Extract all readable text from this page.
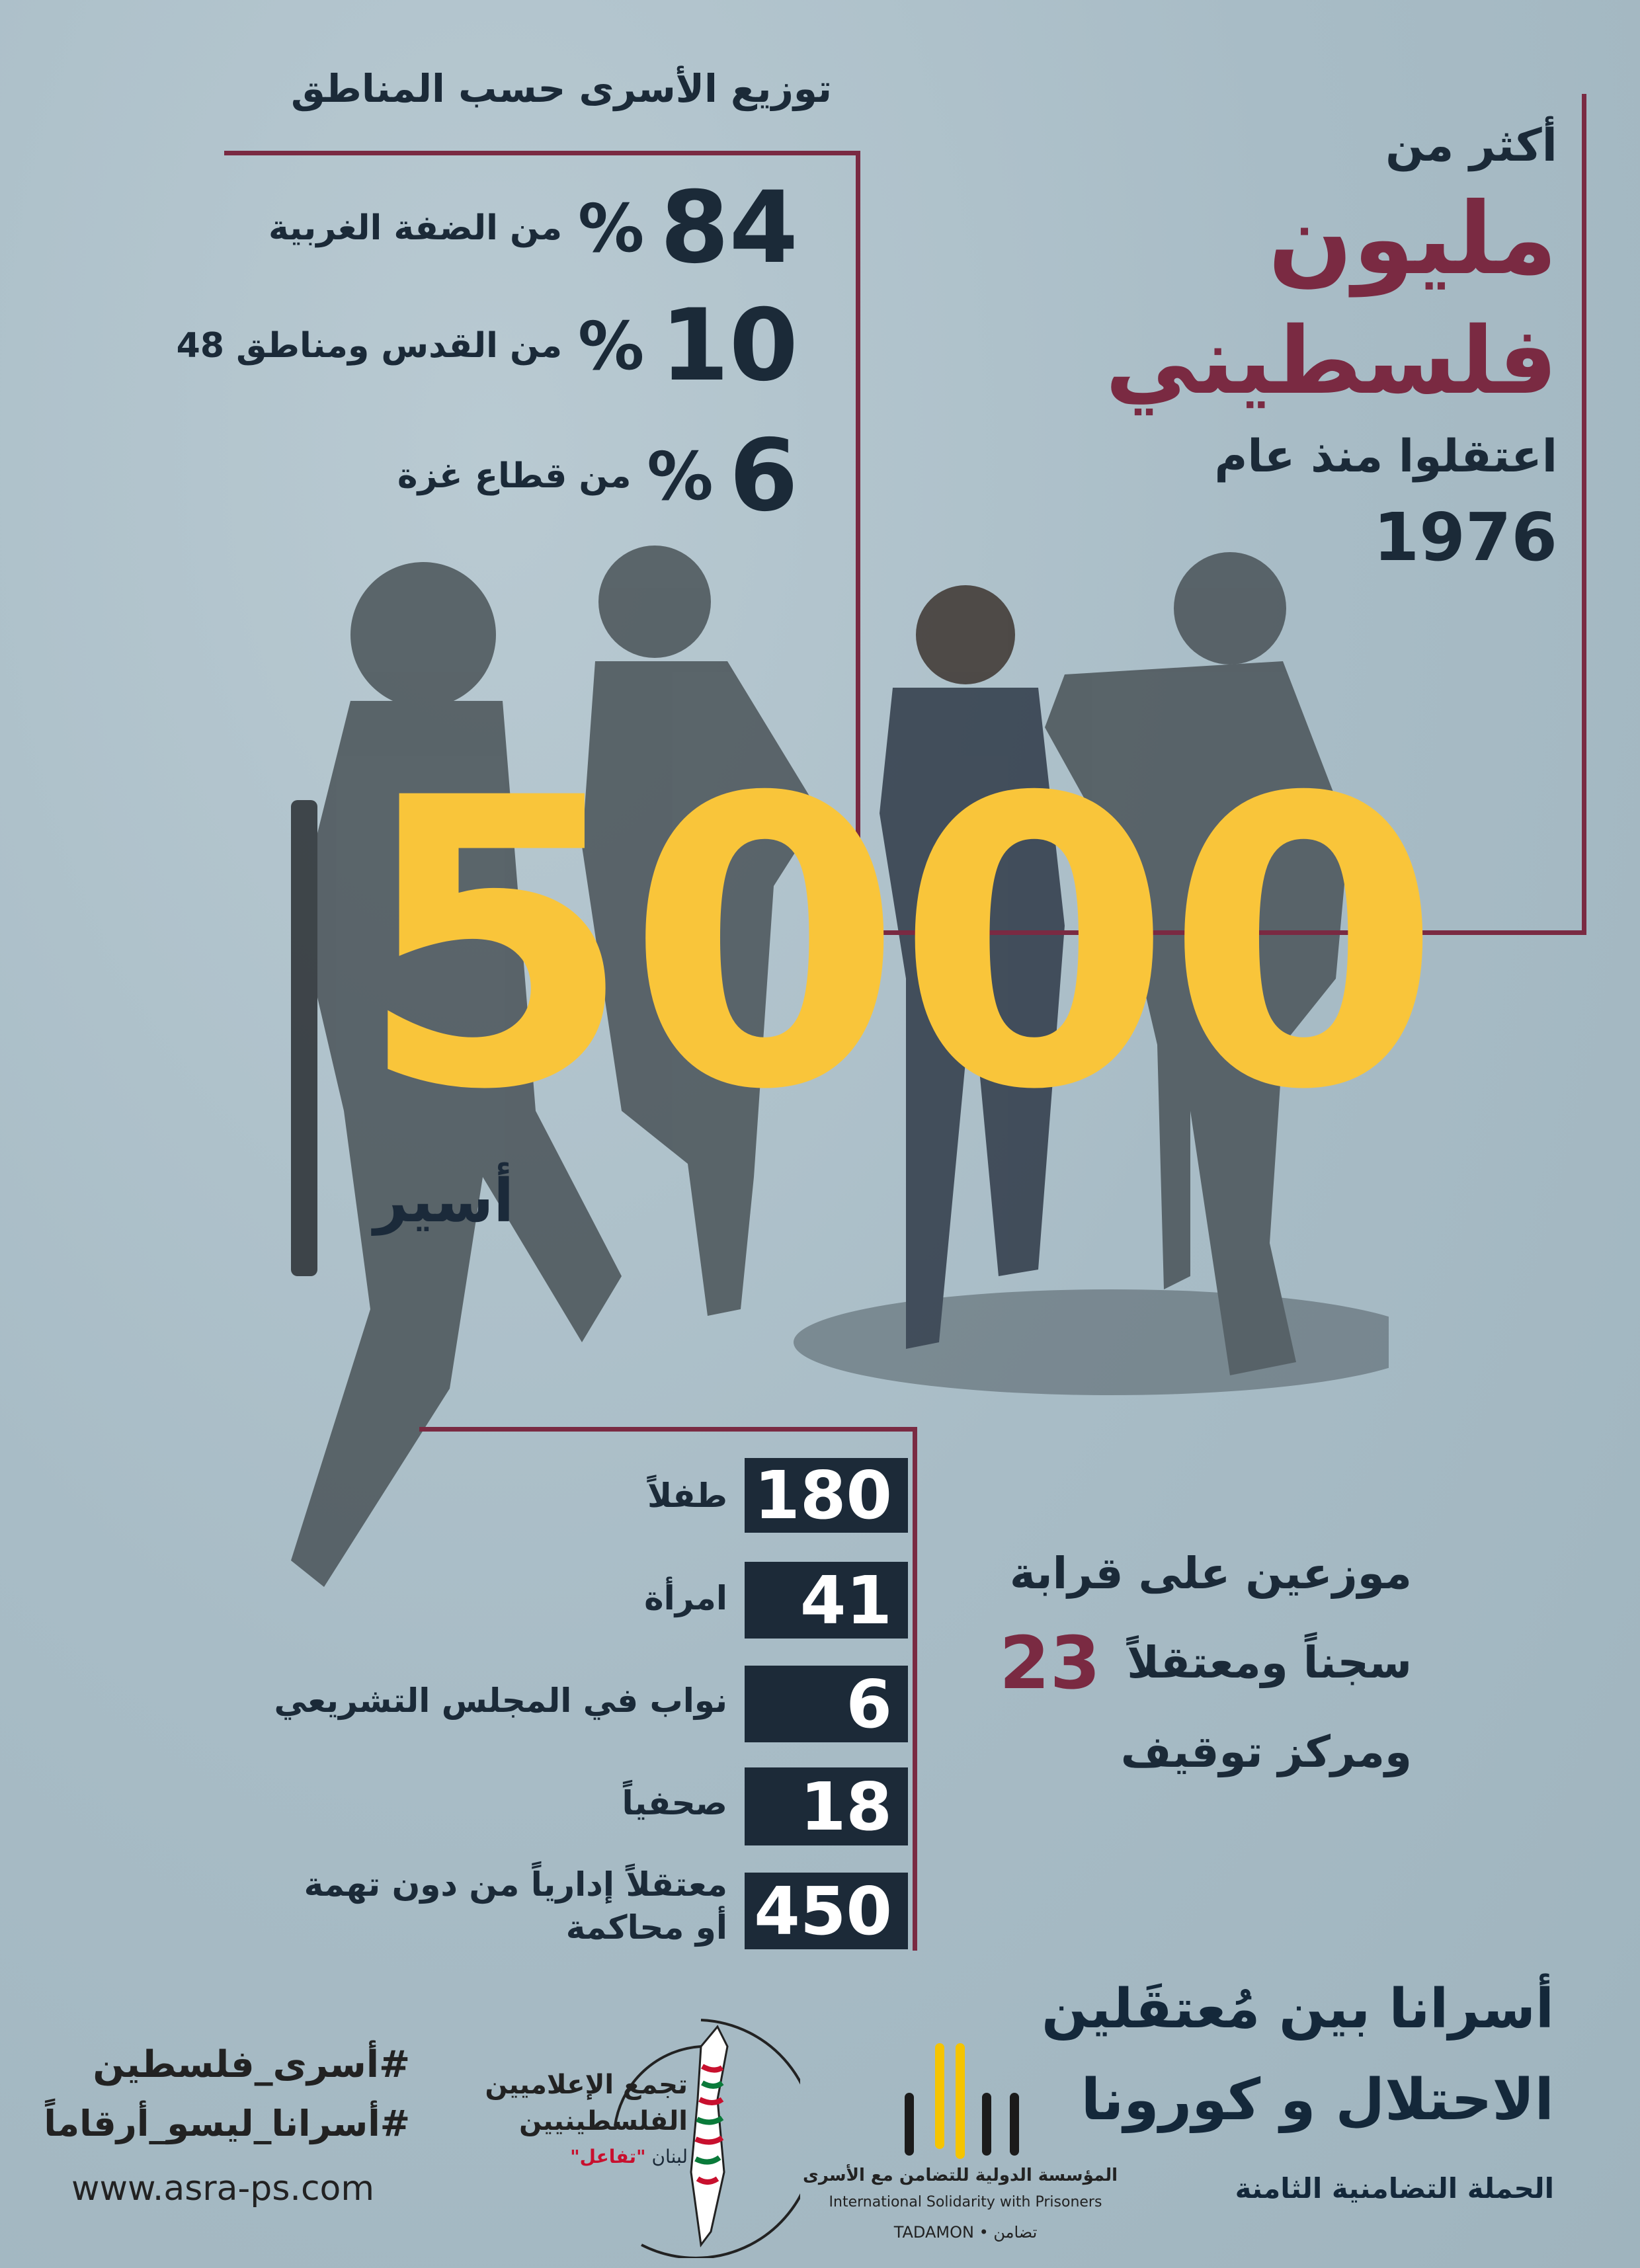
توزيع الأسرى حسب المناطق
84
%
من الضفة الغربية
10
%
من القدس ومناطق 48
6
%
من قطاع غزة
أكثر من
مليون
فلسطيني
اعتقلوا منذ عام
1976
5000
أسير
180
طفلاً
41
امرأة
6
نواب في المجلس التشريعي
18
صحفياً
450
معتقلاً إدارياً من دون تهمة
أو محاكمة
موزعين على قرابة
سجناً ومعتقلاً
23
ومركز توقيف
#أسرى_فلسطين
#أسرانا_ليسو_أرقاماً
www.asra-ps.com
تجمع الإعلاميين
الفلسطينيين
لبنان "تفاعل"
المؤسسة الدولية للتضامن مع الأسرى
International Solidarity with Prisoners
TADAMON • تضامن
أسرانا بين مُعتقَلين
الاحتلال و كورونا
الحملة التضامنية الثامنة
